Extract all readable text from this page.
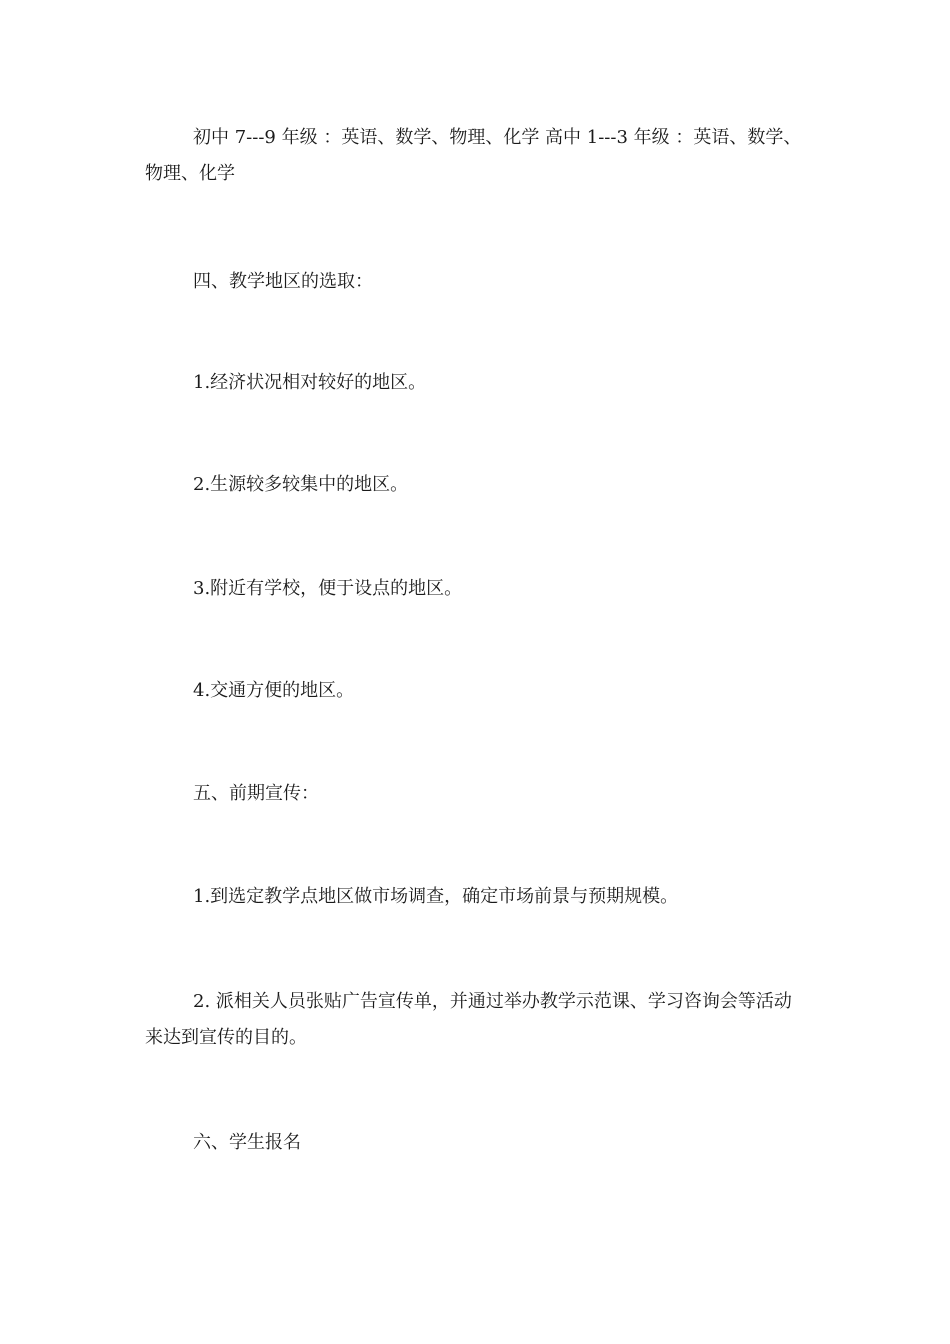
初中 7---9 年级 ：英语、数学、物理、化学 高中 1---3 年级 ：英语、数学、物理、化学

四、教学地区的选取：

1.经济状况相对较好的地区。

2.生源较多较集中的地区。

3.附近有学校，便于设点的地区。

4.交通方便的地区。

五、前期宣传：

1.到选定教学点地区做市场调查，确定市场前景与预期规模。

2. 派相关人员张贴广告宣传单，并通过举办教学示范课、学习咨询会等活动来达到宣传的目的。

六、学生报名
